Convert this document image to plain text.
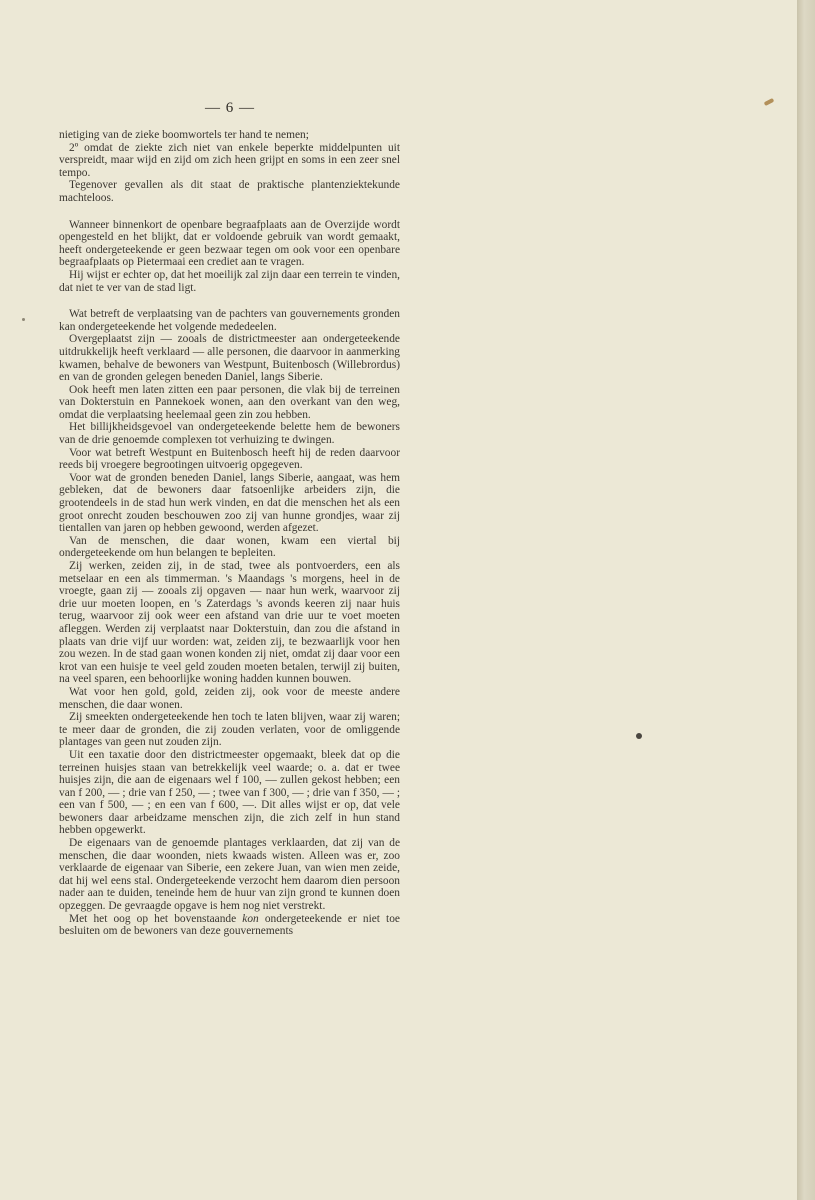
— 6 —

nietiging van de zieke boomwortels ter hand te nemen;

2º omdat de ziekte zich niet van enkele beperkte middelpunten uit verspreidt, maar wijd en zijd om zich heen grijpt en soms in een zeer snel tempo.

Tegenover gevallen als dit staat de praktische plantenziektekunde machteloos.

Wanneer binnenkort de openbare begraafplaats aan de Overzijde wordt opengesteld en het blijkt, dat er voldoende gebruik van wordt gemaakt, heeft ondergeteekende er geen bezwaar tegen om ook voor een openbare begraafplaats op Pietermaai een crediet aan te vragen.

Hij wijst er echter op, dat het moeilijk zal zijn daar een terrein te vinden, dat niet te ver van de stad ligt.

Wat betreft de verplaatsing van de pachters van gouvernements gronden kan ondergeteekende het volgende mededeelen.

Overgeplaatst zijn — zooals de districtmeester aan ondergeteekende uitdrukkelijk heeft verklaard — alle personen, die daarvoor in aanmerking kwamen, behalve de bewoners van Westpunt, Buitenbosch (Willebrordus) en van de gronden gelegen beneden Daniel, langs Siberie.

Ook heeft men laten zitten een paar personen, die vlak bij de terreinen van Dokterstuin en Pannekoek wonen, aan den overkant van den weg, omdat die verplaatsing heelemaal geen zin zou hebben.

Het billijkheidsgevoel van ondergeteekende belette hem de bewoners van de drie genoemde complexen tot verhuizing te dwingen.

Voor wat betreft Westpunt en Buitenbosch heeft hij de reden daarvoor reeds bij vroegere begrootingen uitvoerig opgegeven.

Voor wat de gronden beneden Daniel, langs Siberie, aangaat, was hem gebleken, dat de bewoners daar fatsoenlijke arbeiders zijn, die grootendeels in de stad hun werk vinden, en dat die menschen het als een groot onrecht zouden beschouwen zoo zij van hunne grondjes, waar zij tientallen van jaren op hebben gewoond, werden afgezet.

Van de menschen, die daar wonen, kwam een viertal bij ondergeteekende om hun belangen te bepleiten.

Zij werken, zeiden zij, in de stad, twee als pontvoerders, een als metselaar en een als timmerman. 's Maandags 's morgens, heel in de vroegte, gaan zij — zooals zij opgaven — naar hun werk, waarvoor zij drie uur moeten loopen, en 's Zaterdags 's avonds keeren zij naar huis terug, waarvoor zij ook weer een afstand van drie uur te voet moeten afleggen. Werden zij verplaatst naar Dokterstuin, dan zou die afstand in plaats van drie vijf uur worden: wat, zeiden zij, te bezwaarlijk voor hen zou wezen. In de stad gaan wonen konden zij niet, omdat zij daar voor een krot van een huisje te veel geld zouden moeten betalen, terwijl zij buiten, na veel sparen, een behoorlijke woning hadden kunnen bouwen.

Wat voor hen gold, gold, zeiden zij, ook voor de meeste andere menschen, die daar wonen.

Zij smeekten ondergeteekende hen toch te laten blijven, waar zij waren; te meer daar de gronden, die zij zouden verlaten, voor de omliggende plantages van geen nut zouden zijn.

Uit een taxatie door den districtmeester opgemaakt, bleek dat op die terreinen huisjes staan van betrekkelijk veel waarde; o. a. dat er twee huisjes zijn, die aan de eigenaars wel f 100, — zullen gekost hebben; een van f 200, — ; drie van f 250, — ; twee van f 300, — ; drie van f 350, — ; een van f 500, — ; en een van f 600, —. Dit alles wijst er op, dat vele bewoners daar arbeidzame menschen zijn, die zich zelf in hun stand hebben opgewerkt.

De eigenaars van de genoemde plantages verklaarden, dat zij van de menschen, die daar woonden, niets kwaads wisten. Alleen was er, zoo verklaarde de eigenaar van Siberie, een zekere Juan, van wien men zeide, dat hij wel eens stal. Ondergeteekende verzocht hem daarom dien persoon nader aan te duiden, teneinde hem de huur van zijn grond te kunnen doen opzeggen. De gevraagde opgave is hem nog niet verstrekt.

Met het oog op het bovenstaande kon ondergeteekende er niet toe besluiten om de bewoners van deze gouvernements
